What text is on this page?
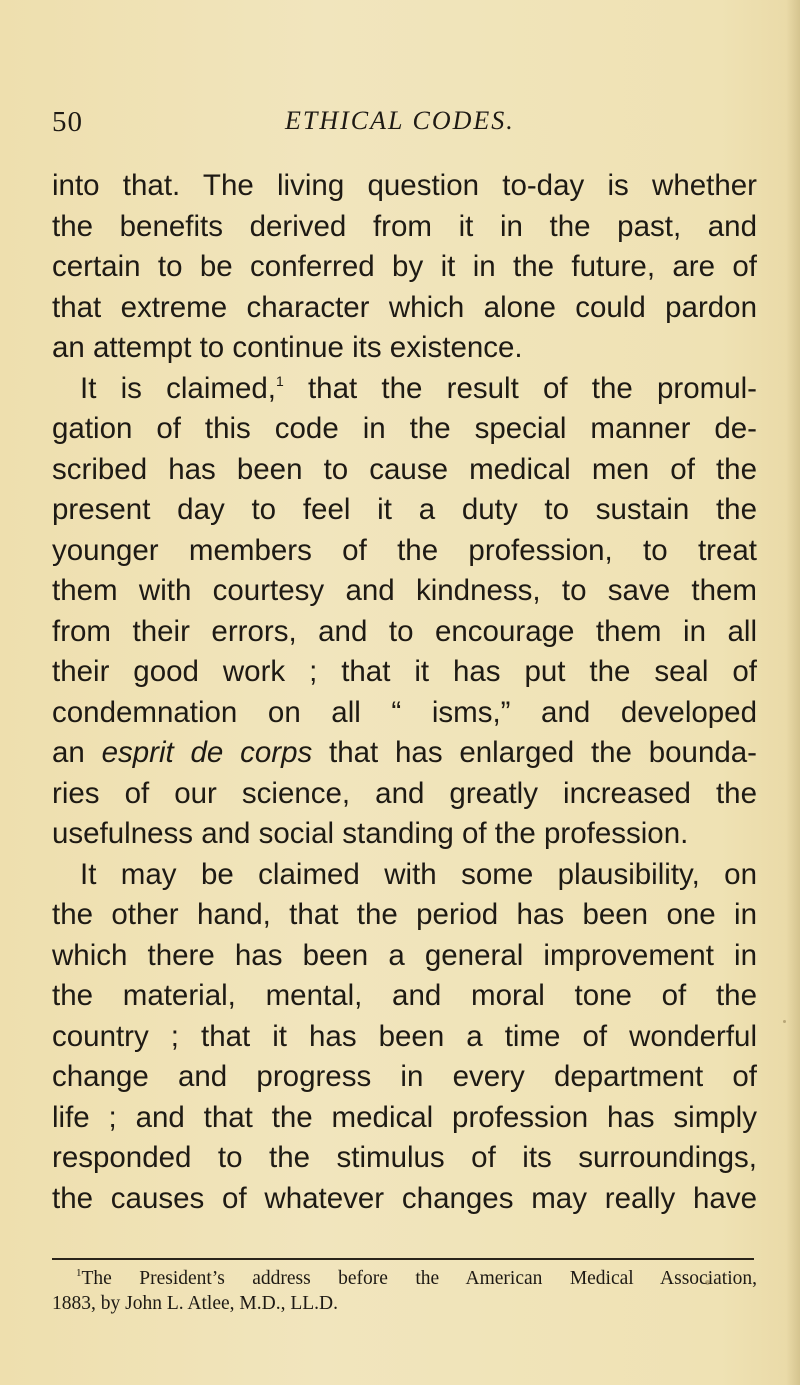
50	ETHICAL CODES.
into that. The living question to-day is whether
the benefits derived from it in the past, and
certain to be conferred by it in the future, are of
that extreme character which alone could pardon
an attempt to continue its existence.
It is claimed,$^1$ that the result of the promul-
gation of this code in the special manner de-
scribed has been to cause medical men of the
present day to feel it a duty to sustain the
younger members of the profession, to treat
them with courtesy and kindness, to save them
from their errors, and to encourage them in all
their good work ; that it has put the seal of
condemnation on all “ isms,” and developed
an esprit de corps that has enlarged the bounda-
ries of our science, and greatly increased the
usefulness and social standing of the profession.
It may be claimed with some plausibility, on
the other hand, that the period has been one in
which there has been a general improvement in
the material, mental, and moral tone of the
country ; that it has been a time of wonderful
change and progress in every department of
life ; and that the medical profession has simply
responded to the stimulus of its surroundings,
the causes of whatever changes may really have
$^1$The President’s address before the American Medical Association,
1883, by John L. Atlee, M.D., LL.D.
